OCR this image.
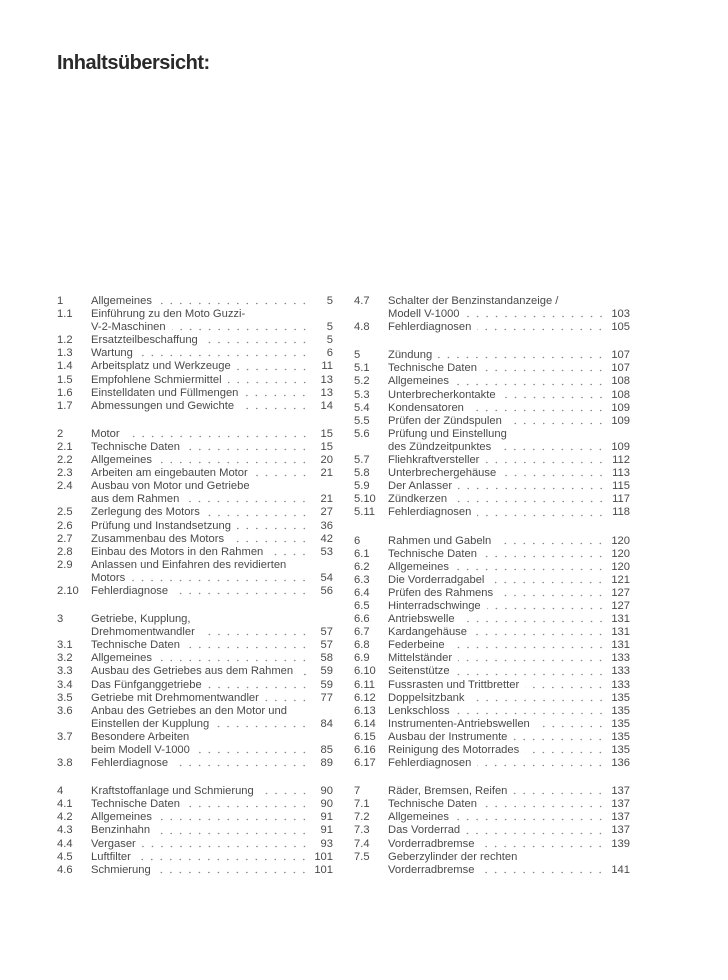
Inhaltsübersicht:
1	Allgemeines	5
1.1	Einführung zu den Moto Guzzi-
V-2-Maschinen	5
1.2	Ersatzteilbeschaffung	5
1.3	Wartung	6
1.4	Arbeitsplatz und Werkzeuge	11
1.5	Empfohlene Schmiermittel	13
1.6	Einstelldaten und Füllmengen	13
1.7	Abmessungen und Gewichte	14
2	Motor	15
2.1	Technische Daten	15
2.2	Allgemeines	20
2.3	Arbeiten am eingebauten Motor	21
2.4	Ausbau von Motor und Getriebe
aus dem Rahmen	21
2.5	Zerlegung des Motors	27
2.6	Prüfung und Instandsetzung	36
2.7	Zusammenbau des Motors	42
2.8	Einbau des Motors in den Rahmen	53
2.9	Anlassen und Einfahren des revidierten
Motors	54
2.10	Fehlerdiagnose	56
3	Getriebe, Kupplung,
Drehmomentwandler	57
3.1	Technische Daten	57
3.2	Allgemeines	58
3.3	Ausbau des Getriebes aus dem Rahmen	59
3.4	Das Fünfganggetriebe	59
3.5	Getriebe mit Drehmomentwandler	77
3.6	Anbau des Getriebes an den Motor und
Einstellen der Kupplung	84
3.7	Besondere Arbeiten
beim Modell V-1000	85
3.8	Fehlerdiagnose	89
4	Kraftstoffanlage und Schmierung	90
4.1	Technische Daten	90
4.2	Allgemeines	91
4.3	Benzinhahn	91
4.4	Vergaser	93
4.5	Luftfilter	101
4.6	Schmierung	101
4.7	Schalter der Benzinstandanzeige /
Modell V-1000	103
4.8	Fehlerdiagnosen	105
5	Zündung	107
5.1	Technische Daten	107
5.2	Allgemeines	108
5.3	Unterbrecherkontakte	108
5.4	Kondensatoren	109
5.5	Prüfen der Zündspulen	109
5.6	Prüfung und Einstellung
des Zündzeitpunktes	109
5.7	Fliehkraftversteller	112
5.8	Unterbrechergehäuse	113
5.9	Der Anlasser	115
5.10	Zündkerzen	117
5.11	Fehlerdiagnosen	118
6	Rahmen und Gabeln	120
6.1	Technische Daten	120
6.2	Allgemeines	120
6.3	Die Vorderradgabel	121
6.4	Prüfen des Rahmens	127
6.5	Hinterradschwinge	127
6.6	Antriebswelle	131
6.7	Kardangehäuse	131
6.8	Federbeine	131
6.9	Mittelständer	133
6.10	Seitenstütze	133
6.11	Fussrasten und Trittbretter	133
6.12	Doppelsitzbank	135
6.13	Lenkschloss	135
6.14	Instrumenten-Antriebswellen	135
6.15	Ausbau der Instrumente	135
6.16	Reinigung des Motorrades	135
6.17	Fehlerdiagnosen	136
7	Räder, Bremsen, Reifen	137
7.1	Technische Daten	137
7.2	Allgemeines	137
7.3	Das Vorderrad	137
7.4	Vorderradbremse	139
7.5	Geberzylinder der rechten
Vorderradbremse	141
